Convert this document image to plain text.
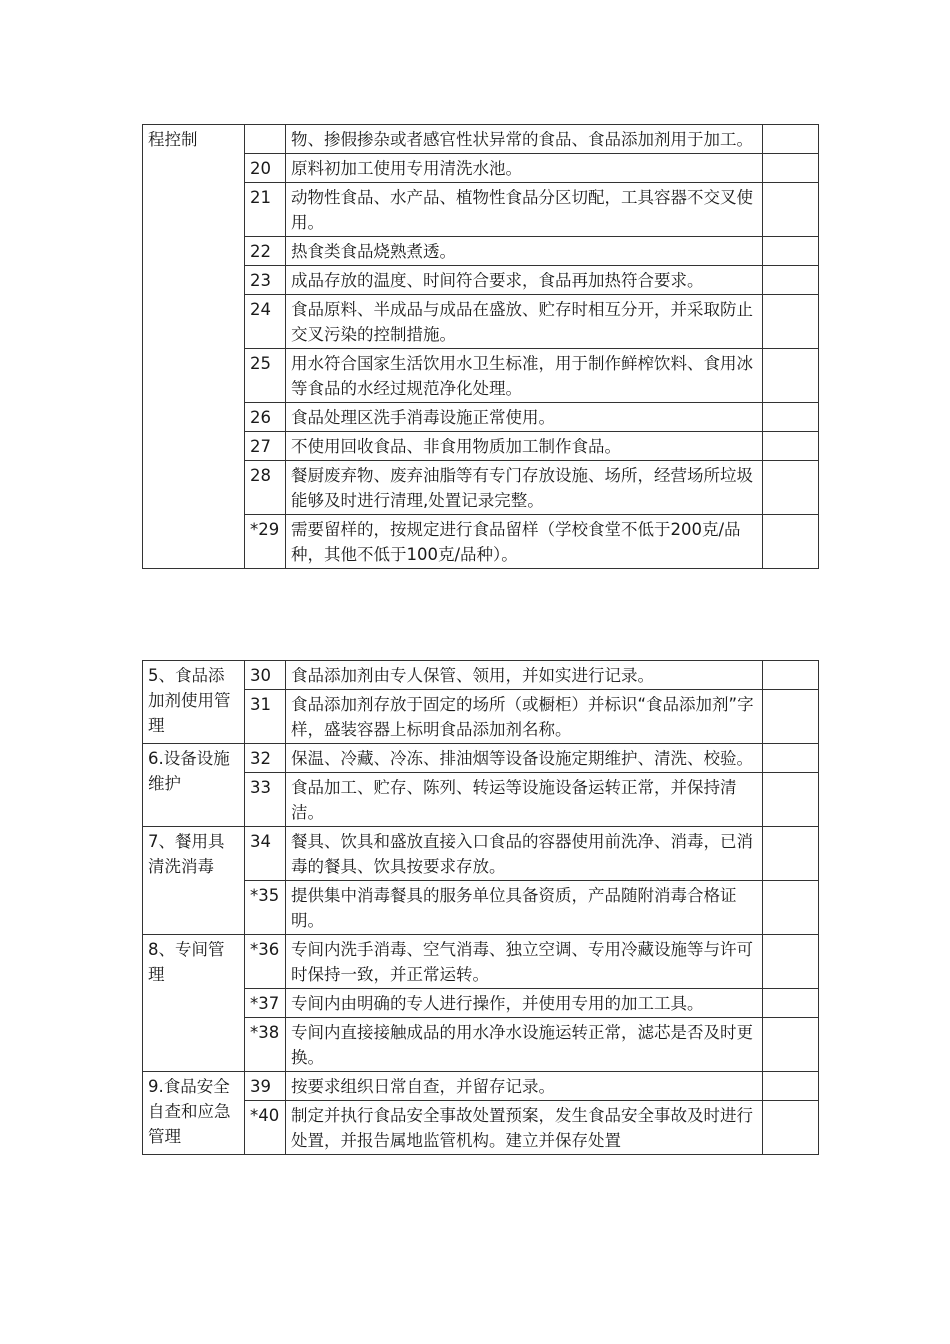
程控制		物、掺假掺杂或者感官性状异常的食品、食品添加剂用于加工。	
	20	原料初加工使用专用清洗水池。	
	21	动物性食品、水产品、植物性食品分区切配，工具容器不交叉使用。	
	22	热食类食品烧熟煮透。	
	23	成品存放的温度、时间符合要求，食品再加热符合要求。	
	24	食品原料、半成品与成品在盛放、贮存时相互分开，并采取防止交叉污染的控制措施。	
	25	用水符合国家生活饮用水卫生标准，用于制作鲜榨饮料、食用冰等食品的水经过规范净化处理。	
	26	食品处理区洗手消毒设施正常使用。	
	27	不使用回收食品、非食用物质加工制作食品。	
	28	餐厨废弃物、废弃油脂等有专门存放设施、场所，经营场所垃圾能够及时进行清理,处置记录完整。	
	*29	需要留样的，按规定进行食品留样（学校食堂不低于200克/品种，其他不低于100克/品种）。	
5、食品添加剂使用管理	30	食品添加剂由专人保管、领用，并如实进行记录。	
	31	食品添加剂存放于固定的场所（或橱柜）并标识“食品添加剂”字样，盛装容器上标明食品添加剂名称。	
6.设备设施维护	32	保温、冷藏、冷冻、排油烟等设备设施定期维护、清洗、校验。	
	33	食品加工、贮存、陈列、转运等设施设备运转正常，并保持清洁。	
7、餐用具清洗消毒	34	餐具、饮具和盛放直接入口食品的容器使用前洗净、消毒，已消毒的餐具、饮具按要求存放。	
	*35	提供集中消毒餐具的服务单位具备资质，产品随附消毒合格证明。	
8、专间管理	*36	专间内洗手消毒、空气消毒、独立空调、专用冷藏设施等与许可时保持一致，并正常运转。	
	*37	专间内由明确的专人进行操作，并使用专用的加工工具。	
	*38	专间内直接接触成品的用水净水设施运转正常，滤芯是否及时更换。	
9.食品安全自查和应急管理	39	按要求组织日常自查，并留存记录。	
	*40	制定并执行食品安全事故处置预案，发生食品安全事故及时进行处置，并报告属地监管机构。建立并保存处置	
